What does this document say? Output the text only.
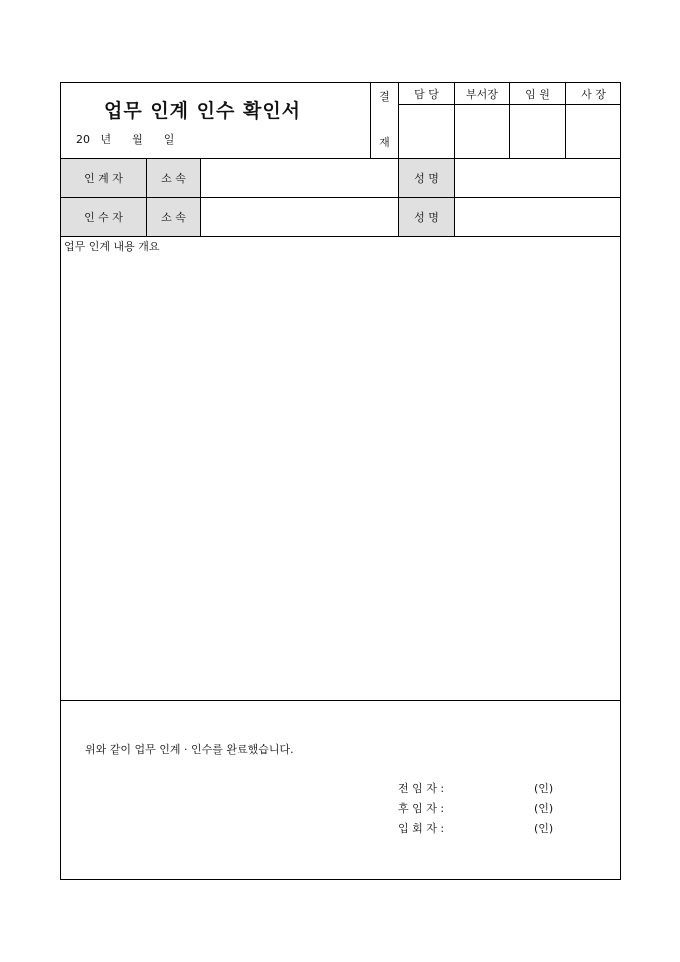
업무 인계 인수 확인서
20   년      월      일
결
재
담 당	부서장	임 원	사 장
인 계 자	소 속	성 명
인 수 자	소 속	성 명
업무 인계 내용 개요
위와 같이 업무 인계 · 인수를 완료했습니다.
전 임 자 :	(인)
후 임 자 :	(인)
입 회 자 :	(인)
